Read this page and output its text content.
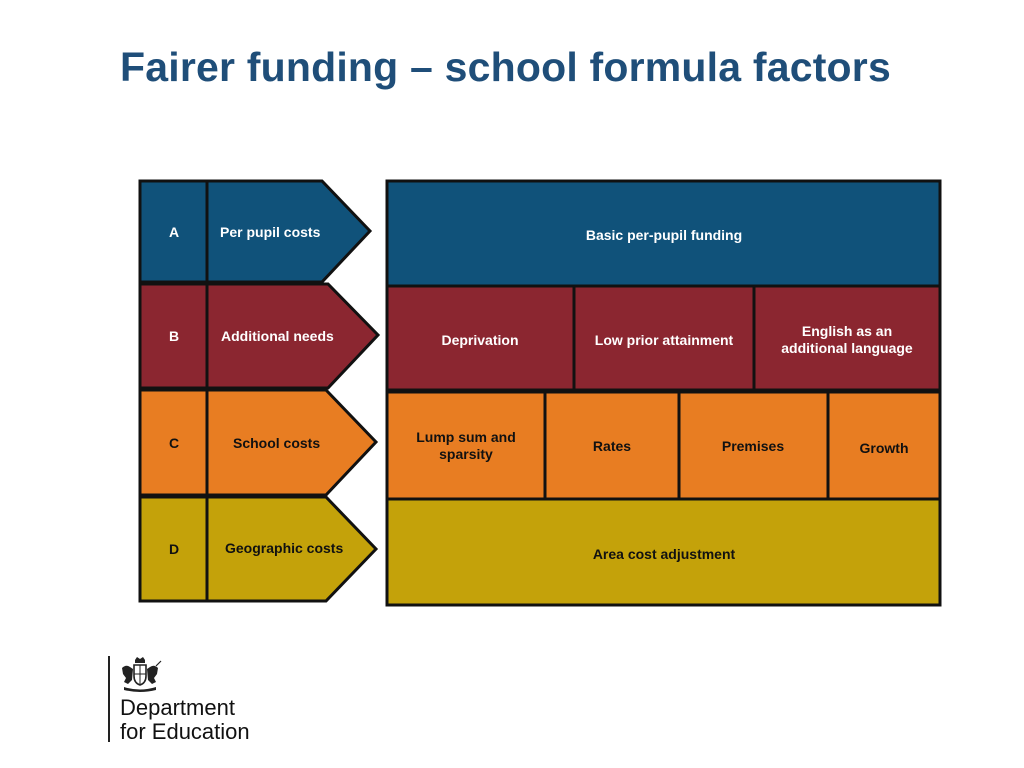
Fairer funding – school formula factors
A	Per pupil costs
B	Additional needs
C	School costs
D	Geographic costs
Basic per-pupil funding
Deprivation	Low prior attainment
English as an additional language
Lump sum and sparsity	Rates	Premises	Growth
Area cost adjustment
Department
for Education
